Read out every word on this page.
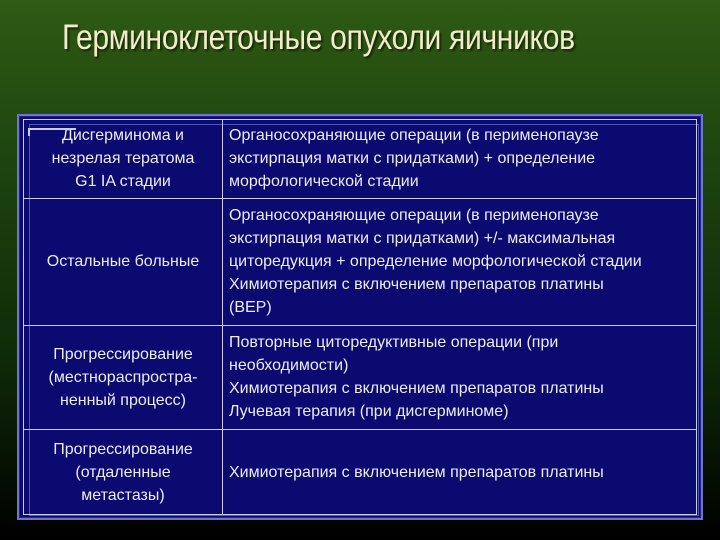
Герминоклеточные опухоли яичников
Дисгерминома и
незрелая тератома
G1 IA стадии	Органосохраняющие операции (в перименопаузе
экстирпация матки с придатками) + определение
морфологической стадии

Остальные больные	Органосохраняющие операции (в перименопаузе
экстирпация матки с придатками) +/- максимальная
циторедукция + определение морфологической стадии
Химиотерапия с включением препаратов платины
(BEP)

Прогрессирование
(местнораспростра-
ненный процесс)	Повторные циторедуктивные операции (при
необходимости)
Химиотерапия с включением препаратов платины
Лучевая терапия (при дисгерминоме)

Прогрессирование
(отдаленные
метастазы)	Химиотерапия с включением препаратов платины
